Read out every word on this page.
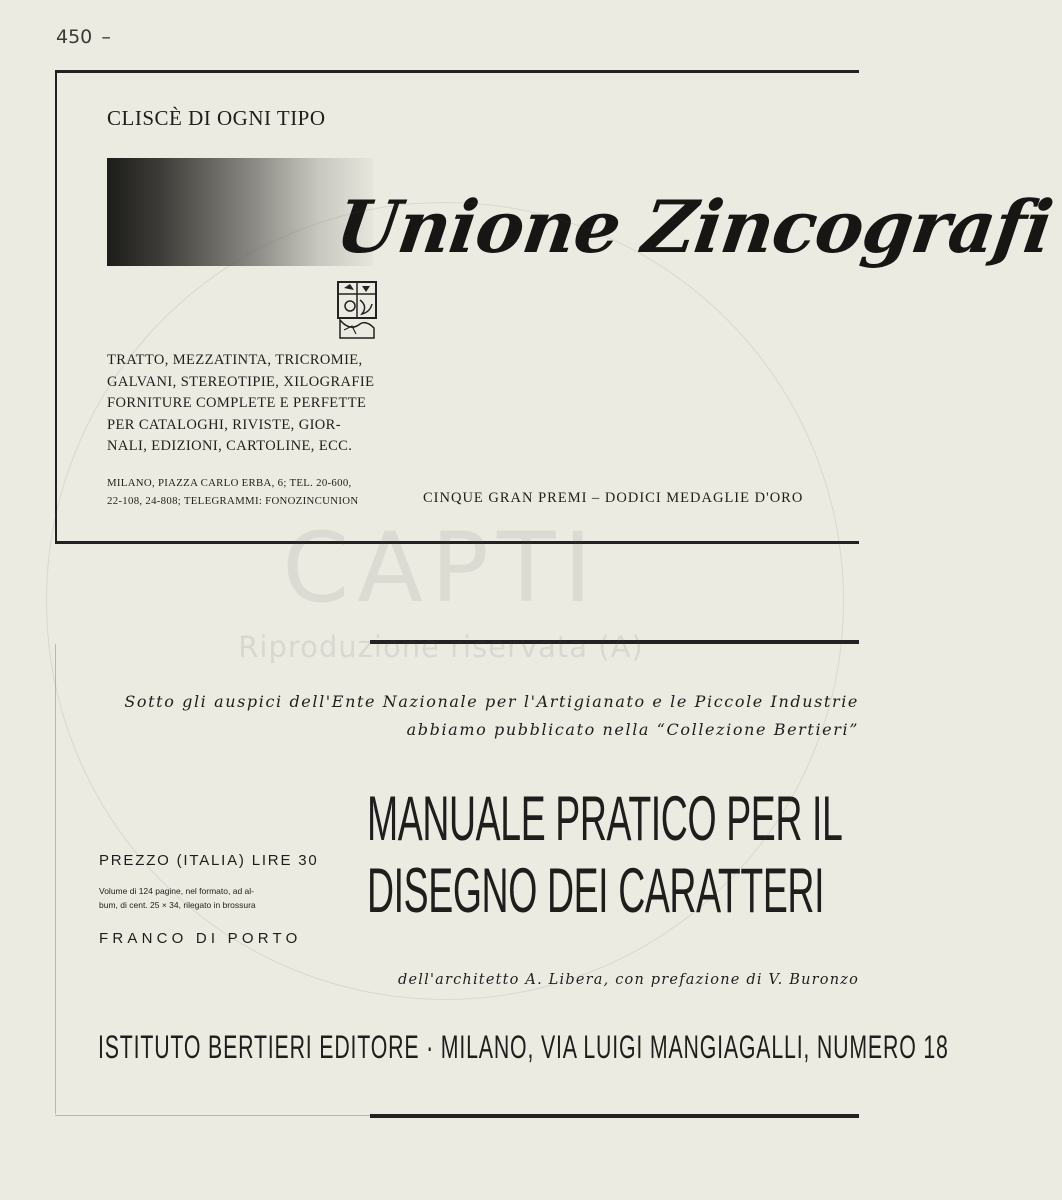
450 –
CLISCÈ DI OGNI TIPO
Unione Zincografi
TRATTO, MEZZATINTA, TRICROMIE,
GALVANI, STEREOTIPIE, XILOGRAFIE
FORNITURE COMPLETE E PERFETTE
PER CATALOGHI, RIVISTE, GIOR-
NALI, EDIZIONI, CARTOLINE, ECC.
MILANO, PIAZZA CARLO ERBA, 6; TEL. 20-600,
22-108, 24-808; TELEGRAMMI: FONOZINCUNION	CINQUE GRAN PREMI – DODICI MEDAGLIE D'ORO
Sotto gli auspici dell'Ente Nazionale per l'Artigianato e le Piccole Industrie
abbiamo pubblicato nella “Collezione Bertieri”
MANUALE PRATICO PER IL
DISEGNO DEI CARATTERI
PREZZO (ITALIA) LIRE 30
Volume di 124 pagine, nel formato, ad al-
bum, di cent. 25 × 34, rilegato in brossura
FRANCO DI PORTO
dell'architetto A. Libera, con prefazione di V. Buronzo
ISTITUTO BERTIERI EDITORE · MILANO, VIA LUIGI MANGIAGALLI, NUMERO 18
CAPTI
Riproduzione riservata (A)
